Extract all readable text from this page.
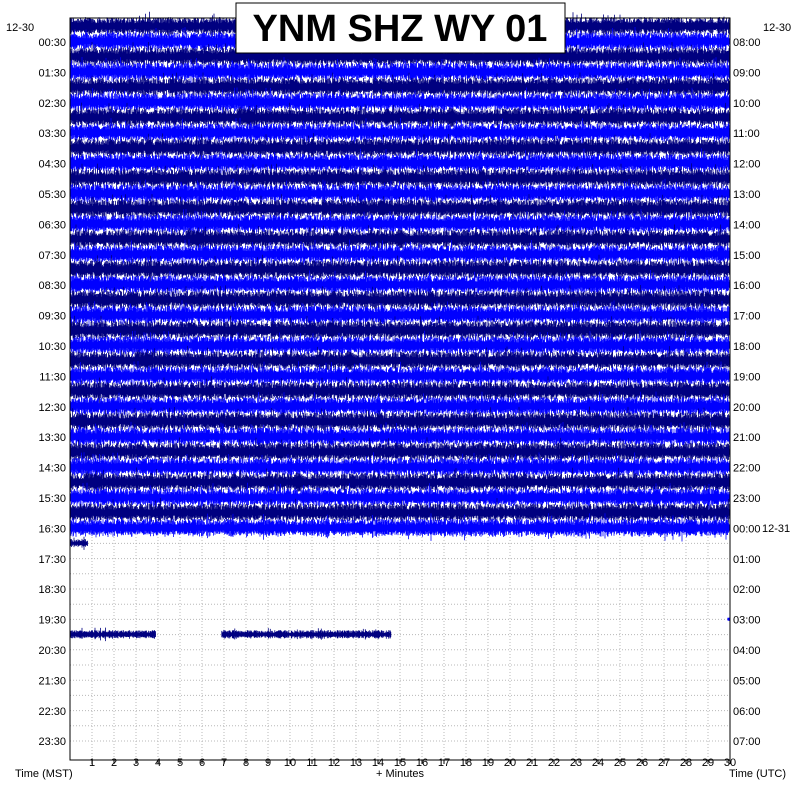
00:30
01:30
02:30
03:30
04:30
05:30
06:30
07:30
08:30
09:30
10:30
11:30
12:30
13:30
14:30
15:30
16:30
17:30
18:30
19:30
20:30
21:30
22:30
23:30
08:00
09:00
10:00
11:00
12:00
13:00
14:00
15:00
16:00
17:00
18:00
19:00
20:00
21:00
22:00
23:00
00:00
01:00
02:00
03:00
04:00
05:00
06:00
07:00
1 2 3 4 5 6 7 8 9 10 11 12 13 14 15 16 17 18 19 20 21 22 23 24 25 26 27 28 29 30
12-30	12-30
12-31
Time (MST)	Time (UTC)
+ Minutes
YNM SHZ WY 01
